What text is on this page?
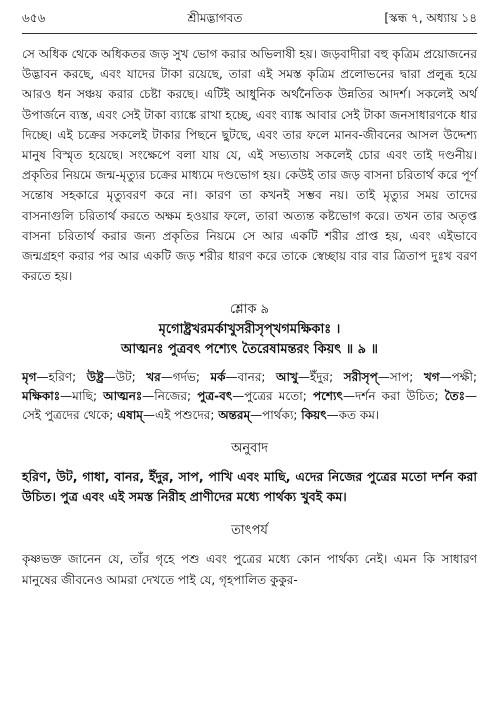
৬৫৬	শ্রীমদ্ভাগবত	[স্কন্ধ ৭, অধ্যায় ১৪

সে অধিক থেকে অধিকতর জড় সুখ ভোগ করার অভিলাষী হয়। জড়বাদীরা বহু কৃত্রিম প্রয়োজনের উদ্ভাবন করছে, এবং যাদের টাকা রয়েছে, তারা এই সমস্ত কৃত্রিম প্রলোভনের দ্বারা প্রলুব্ধ হয়ে আরও ধন সঞ্চয় করার চেষ্টা করছে। এটিই আধুনিক অর্থনৈতিক উন্নতির আদর্শ। সকলেই অর্থ উপার্জনে ব্যস্ত, এবং সেই টাকা ব্যাঙ্কে রাখা হচ্ছে, এবং ব্যাঙ্ক আবার সেই টাকা জনসাধারণকে ধার দিচ্ছে। এই চক্রের সকলেই টাকার পিছনে ছুটছে, এবং তার ফলে মানব-জীবনের আসল উদ্দেশ্য মানুষ বিস্মৃত হয়েছে। সংক্ষেপে বলা যায় যে, এই সভ্যতায় সকলেই চোর এবং তাই দণ্ডনীয়। প্রকৃতির নিয়মে জন্ম-মৃত্যুর চক্রের মাধ্যমে দণ্ডভোগ হয়। কেউই তার জড় বাসনা চরিতার্থ করে পূর্ণ সন্তোষ সহকারে মৃত্যুবরণ করে না। কারণ তা কখনই সম্ভব নয়। তাই মৃত্যুর সময় তাদের বাসনাগুলি চরিতার্থ করতে অক্ষম হওয়ার ফলে, তারা অত্যন্ত কষ্টভোগ করে। তখন তার অতৃপ্ত বাসনা চরিতার্থ করার জন্য প্রকৃতির নিয়মে সে আর একটি শরীর প্রাপ্ত হয়, এবং এইভাবে জন্মগ্রহণ করার পর আর একটি জড় শরীর ধারণ করে তাকে স্বেচ্ছায় বার বার ত্রিতাপ দুঃখ বরণ করতে হয়।

শ্লোক ৯

মৃগোষ্ট্রখরমর্কাখুসরীসৃপ্খগমক্ষিকাঃ ।

আত্মনঃ পুত্রবৎ পশ্যেৎ তৈরেষামন্তরং কিয়ৎ ॥ ৯ ॥

মৃগ—হরিণ; উষ্ট্র—উট; খর—গর্দভ; মর্ক—বানর; আখু—ইঁদুর; সরীসৃপ্—সাপ; খগ—পক্ষী; মক্ষিকাঃ—মাছি; আত্মনঃ—নিজের; পুত্র-বৎ—পুত্রের মতো; পশ্যেৎ—দর্শন করা উচিত; তৈঃ—সেই পুত্রদের থেকে; এষাম্—এই পশুদের; অন্তরম্—পার্থক্য; কিয়ৎ—কত কম।

অনুবাদ

হরিণ, উট, গাধা, বানর, ইঁদুর, সাপ, পাখি এবং মাছি, এদের নিজের পুত্রের মতো দর্শন করা উচিত। পুত্র এবং এই সমস্ত নিরীহ প্রাণীদের মধ্যে পার্থক্য খুবই কম।

তাৎপর্য

কৃষ্ণভক্ত জানেন যে, তাঁর গৃহে পশু এবং পুত্রের মধ্যে কোন পার্থক্য নেই। এমন কি সাধারণ মানুষের জীবনেও আমরা দেখতে পাই যে, গৃহপালিত কুকুর-
